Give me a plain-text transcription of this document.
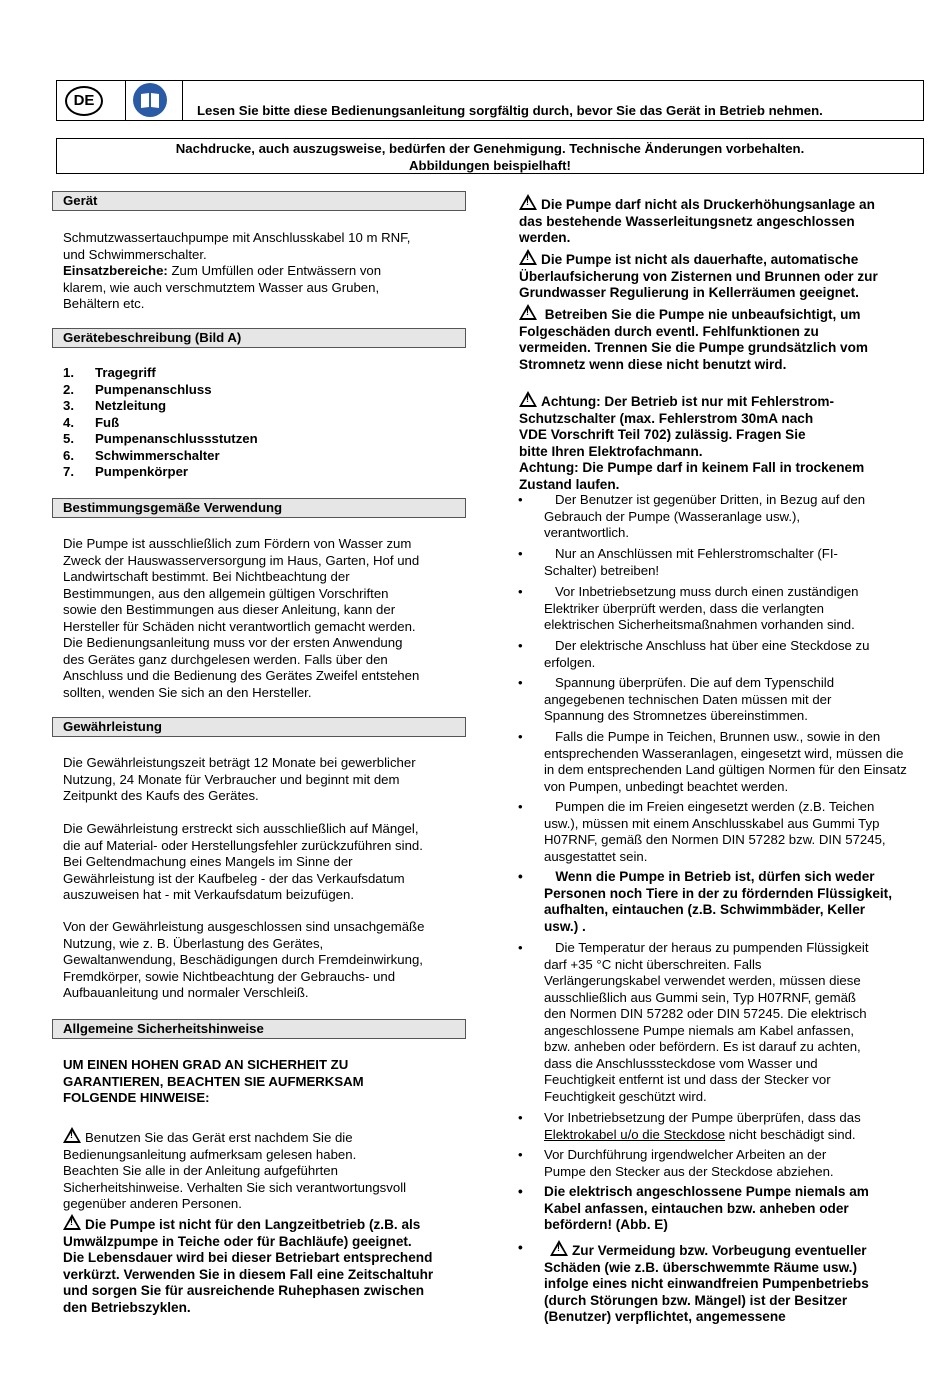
DE
Lesen Sie bitte diese Bedienungsanleitung sorgfältig durch, bevor Sie das Gerät in Betrieb nehmen.
Nachdrucke, auch auszugsweise, bedürfen der Genehmigung. Technische Änderungen vorbehalten.
Abbildungen beispielhaft!
Gerät
Schmutzwassertauchpumpe mit Anschlusskabel 10 m RNF,
und Schwimmerschalter.
Einsatzbereiche: Zum Umfüllen oder Entwässern von
klarem, wie auch verschmutztem Wasser aus Gruben,
Behältern etc.
Gerätebeschreibung (Bild A)
1. Tragegriff
2. Pumpenanschluss
3. Netzleitung
4. Fuß
5. Pumpenanschlussstutzen
6. Schwimmerschalter
7. Pumpenkörper
Bestimmungsgemäße Verwendung
Die Pumpe ist ausschließlich zum Fördern von Wasser zum
Zweck der Hauswasserversorgung im Haus, Garten, Hof und
Landwirtschaft bestimmt. Bei Nichtbeachtung der
Bestimmungen, aus den allgemein gültigen Vorschriften
sowie den Bestimmungen aus dieser Anleitung, kann der
Hersteller für Schäden nicht verantwortlich gemacht werden.
Die Bedienungsanleitung muss vor der ersten Anwendung
des Gerätes ganz durchgelesen werden. Falls über den
Anschluss und die Bedienung des Gerätes Zweifel entstehen
sollten, wenden Sie sich an den Hersteller.
Gewährleistung
Die Gewährleistungszeit beträgt 12 Monate bei gewerblicher
Nutzung, 24 Monate für Verbraucher und beginnt mit dem
Zeitpunkt des Kaufs des Gerätes.
Die Gewährleistung erstreckt sich ausschließlich auf Mängel,
die auf Material- oder Herstellungsfehler zurückzuführen sind.
Bei Geltendmachung eines Mangels im Sinne der
Gewährleistung ist der Kaufbeleg - der das Verkaufsdatum
auszuweisen hat - mit Verkaufsdatum beizufügen.
Von der Gewährleistung ausgeschlossen sind unsachgemäße
Nutzung, wie z. B. Überlastung des Gerätes,
Gewaltanwendung, Beschädigungen durch Fremdeinwirkung,
Fremdkörper, sowie Nichtbeachtung der Gebrauchs- und
Aufbauanleitung und normaler Verschleiß.
Allgemeine Sicherheitshinweise
UM EINEN HOHEN GRAD AN SICHERHEIT ZU
GARANTIEREN, BEACHTEN SIE AUFMERKSAM
FOLGENDE HINWEISE:
!Benutzen Sie das Gerät erst nachdem Sie die
Bedienungsanleitung aufmerksam gelesen haben.
Beachten Sie alle in der Anleitung aufgeführten
Sicherheitshinweise. Verhalten Sie sich verantwortungsvoll
gegenüber anderen Personen.
!Die Pumpe ist nicht für den Langzeitbetrieb (z.B. als
Umwälzpumpe in Teiche oder für Bachläufe) geeignet.
Die Lebensdauer wird bei dieser Betriebart entsprechend
verkürzt. Verwenden Sie in diesem Fall eine Zeitschaltuhr
und sorgen Sie für ausreichende Ruhephasen zwischen
den Betriebszyklen.
!Die Pumpe darf nicht als Druckerhöhungsanlage an
das bestehende Wasserleitungsnetz angeschlossen
werden.
!Die Pumpe ist nicht als dauerhafte, automatische
Überlaufsicherung von Zisternen und Brunnen oder zur
Grundwasser Regulierung in Kellerräumen geeignet.
! Betreiben Sie die Pumpe nie unbeaufsichtigt, um
Folgeschäden durch eventl. Fehlfunktionen zu
vermeiden. Trennen Sie die Pumpe grundsätzlich vom
Stromnetz wenn diese nicht benutzt wird.
!Achtung: Der Betrieb ist nur mit Fehlerstrom-
Schutzschalter (max. Fehlerstrom 30mA nach
VDE Vorschrift Teil 702) zulässig. Fragen Sie
bitte Ihren Elektrofachmann.
Achtung: Die Pumpe darf in keinem Fall in trockenem
Zustand laufen.
• Der Benutzer ist gegenüber Dritten, in Bezug auf den
Gebrauch der Pumpe (Wasseranlage usw.),
verantwortlich.
• Nur an Anschlüssen mit Fehlerstromschalter (FI-
Schalter) betreiben!
• Vor Inbetriebsetzung muss durch einen zuständigen
Elektriker überprüft werden, dass die verlangten
elektrischen Sicherheitsmaßnahmen vorhanden sind.
• Der elektrische Anschluss hat über eine Steckdose zu
erfolgen.
• Spannung überprüfen. Die auf dem Typenschild
angegebenen technischen Daten müssen mit der
Spannung des Stromnetzes übereinstimmen.
• Falls die Pumpe in Teichen, Brunnen usw., sowie in den
entsprechenden Wasseranlagen, eingesetzt wird, müssen die
in dem entsprechenden Land gültigen Normen für den Einsatz
von Pumpen, unbedingt beachtet werden.
• Pumpen die im Freien eingesetzt werden (z.B. Teichen
usw.), müssen mit einem Anschlusskabel aus Gummi Typ
H07RNF, gemäß den Normen DIN 57282 bzw. DIN 57245,
ausgestattet sein.
• Wenn die Pumpe in Betrieb ist, dürfen sich weder
Personen noch Tiere in der zu fördernden Flüssigkeit,
aufhalten, eintauchen (z.B. Schwimmbäder, Keller
usw.) .
• Die Temperatur der heraus zu pumpenden Flüssigkeit
darf +35 °C nicht überschreiten. Falls
Verlängerungskabel verwendet werden, müssen diese
ausschließlich aus Gummi sein, Typ H07RNF, gemäß
den Normen DIN 57282 oder DIN 57245. Die elektrisch
angeschlossene Pumpe niemals am Kabel anfassen,
bzw. anheben oder befördern. Es ist darauf zu achten,
dass die Anschlusssteckdose vom Wasser und
Feuchtigkeit entfernt ist und dass der Stecker vor
Feuchtigkeit geschützt wird.
• Vor Inbetriebsetzung der Pumpe überprüfen, dass das
Elektrokabel u/o die Steckdose nicht beschädigt sind.
• Vor Durchführung irgendwelcher Arbeiten an der
Pumpe den Stecker aus der Steckdose abziehen.
• Die elektrisch angeschlossene Pumpe niemals am
Kabel anfassen, eintauchen bzw. anheben oder
befördern! (Abb. E)
•
!	Zur Vermeidung bzw. Vorbeugung eventueller
Schäden (wie z.B. überschwemmte Räume usw.)
infolge eines nicht einwandfreien Pumpenbetriebs
(durch Störungen bzw. Mängel) ist der Besitzer
(Benutzer) verpflichtet, angemessene
